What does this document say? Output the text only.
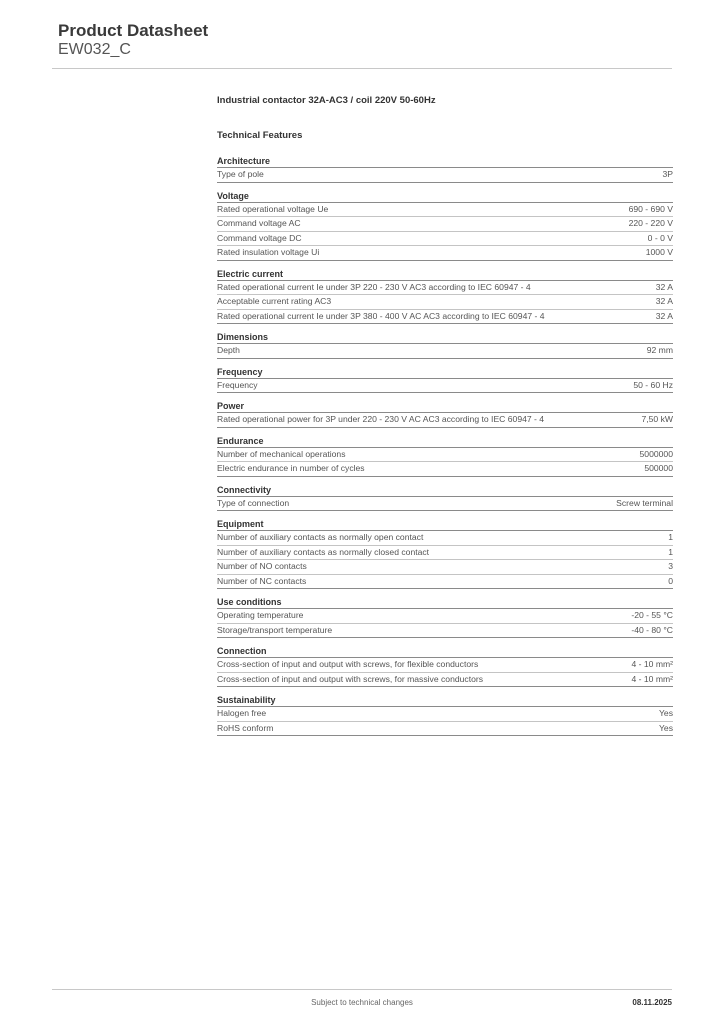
Product Datasheet
EW032_C
Industrial contactor 32A-AC3 / coil 220V 50-60Hz
Technical Features
Architecture
Type of pole	3P
Voltage
Rated operational voltage Ue	690 - 690 V
Command voltage AC	220 - 220 V
Command voltage DC	0 - 0 V
Rated insulation voltage Ui	1000 V
Electric current
Rated operational current Ie under 3P 220 - 230 V AC3 according to IEC 60947 - 4	32 A
Acceptable current rating AC3	32 A
Rated operational current Ie under 3P 380 - 400 V AC AC3 according to IEC 60947 - 4	32 A
Dimensions
Depth	92 mm
Frequency
Frequency	50 - 60 Hz
Power
Rated operational power for 3P under 220 - 230 V AC AC3 according to IEC 60947 - 4	7,50 kW
Endurance
Number of mechanical operations	5000000
Electric endurance in number of cycles	500000
Connectivity
Type of connection	Screw terminal
Equipment
Number of auxiliary contacts as normally open contact	1
Number of auxiliary contacts as normally closed contact	1
Number of NO contacts	3
Number of NC contacts	0
Use conditions
Operating temperature	-20 - 55 °C
Storage/transport temperature	-40 - 80 °C
Connection
Cross-section of input and output with screws, for flexible conductors	4 - 10 mm²
Cross-section of input and output with screws, for massive conductors	4 - 10 mm²
Sustainability
Halogen free	Yes
RoHS conform	Yes
Subject to technical changes	08.11.2025
